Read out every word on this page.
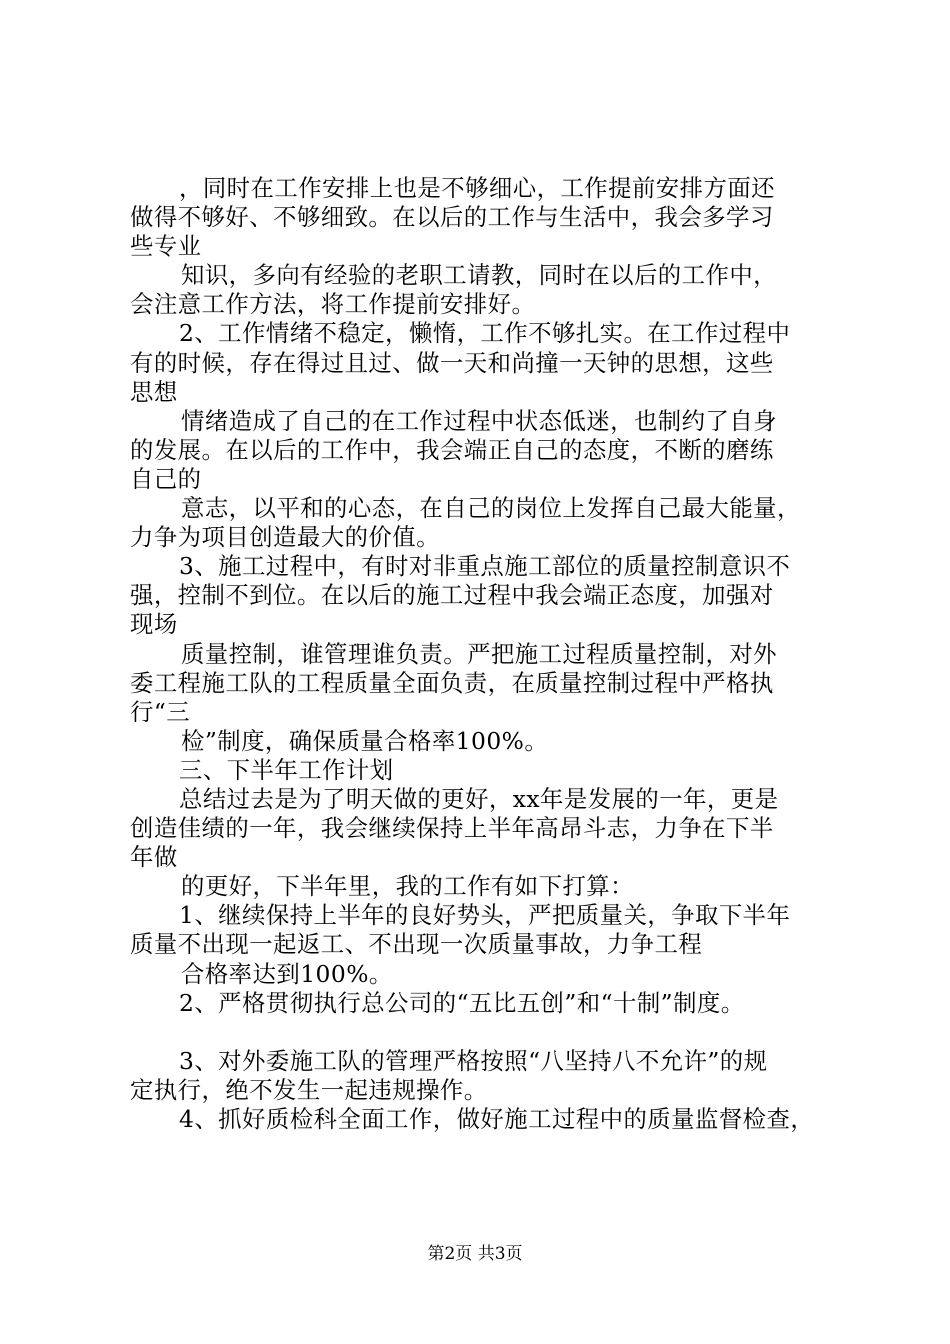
，同时在工作安排上也是不够细心，工作提前安排方面还
做得不够好、不够细致。在以后的工作与生活中，我会多学习
些专业
知识，多向有经验的老职工请教，同时在以后的工作中，
会注意工作方法，将工作提前安排好。
2、工作情绪不稳定，懒惰，工作不够扎实。在工作过程中
有的时候，存在得过且过、做一天和尚撞一天钟的思想，这些
思想
情绪造成了自己的在工作过程中状态低迷，也制约了自身
的发展。在以后的工作中，我会端正自己的态度，不断的磨练
自己的
意志，以平和的心态，在自己的岗位上发挥自己最大能量，
力争为项目创造最大的价值。
3、施工过程中，有时对非重点施工部位的质量控制意识不
强，控制不到位。在以后的施工过程中我会端正态度，加强对
现场
质量控制，谁管理谁负责。严把施工过程质量控制，对外
委工程施工队的工程质量全面负责，在质量控制过程中严格执
行“三
检”制度，确保质量合格率100%。
三、下半年工作计划
总结过去是为了明天做的更好，xx年是发展的一年，更是
创造佳绩的一年，我会继续保持上半年高昂斗志，力争在下半
年做
的更好，下半年里，我的工作有如下打算：
1、继续保持上半年的良好势头，严把质量关，争取下半年
质量不出现一起返工、不出现一次质量事故，力争工程
合格率达到100%。
2、严格贯彻执行总公司的“五比五创”和“十制”制度。
3、对外委施工队的管理严格按照“八坚持八不允许”的规
定执行，绝不发生一起违规操作。
4、抓好质检科全面工作，做好施工过程中的质量监督检查，
第2页 共3页
